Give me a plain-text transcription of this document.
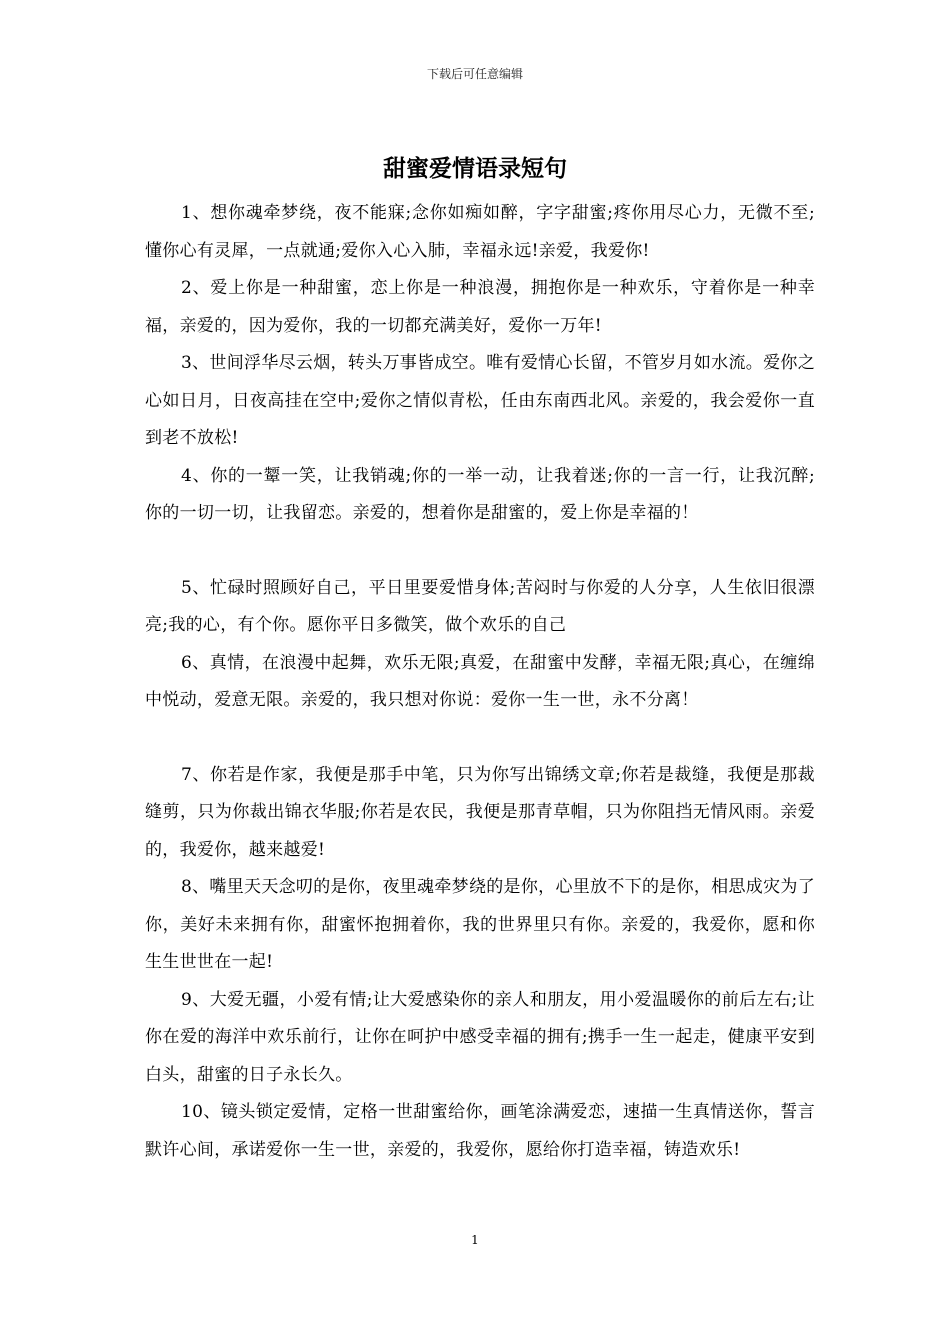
下载后可任意编辑
甜蜜爱情语录短句

1、想你魂牵梦绕，夜不能寐;念你如痴如醉，字字甜蜜;疼你用尽心力，无微不至;懂你心有灵犀，一点就通;爱你入心入肺，幸福永远!亲爱，我爱你!

2、爱上你是一种甜蜜，恋上你是一种浪漫，拥抱你是一种欢乐，守着你是一种幸福，亲爱的，因为爱你，我的一切都充满美好，爱你一万年!

3、世间浮华尽云烟，转头万事皆成空。唯有爱情心长留，不管岁月如水流。爱你之心如日月，日夜高挂在空中;爱你之情似青松，任由东南西北风。亲爱的，我会爱你一直到老不放松!

4、你的一颦一笑，让我销魂;你的一举一动，让我着迷;你的一言一行，让我沉醉;你的一切一切，让我留恋。亲爱的，想着你是甜蜜的，爱上你是幸福的！

5、忙碌时照顾好自己，平日里要爱惜身体;苦闷时与你爱的人分享，人生依旧很漂亮;我的心，有个你。愿你平日多微笑，做个欢乐的自己

6、真情，在浪漫中起舞，欢乐无限;真爱，在甜蜜中发酵，幸福无限;真心，在缠绵中悦动，爱意无限。亲爱的，我只想对你说：爱你一生一世，永不分离！

7、你若是作家，我便是那手中笔，只为你写出锦绣文章;你若是裁缝，我便是那裁缝剪，只为你裁出锦衣华服;你若是农民，我便是那青草帽，只为你阻挡无情风雨。亲爱的，我爱你，越来越爱!

8、嘴里天天念叨的是你，夜里魂牵梦绕的是你，心里放不下的是你，相思成灾为了你，美好未来拥有你，甜蜜怀抱拥着你，我的世界里只有你。亲爱的，我爱你，愿和你生生世世在一起!

9、大爱无疆，小爱有情;让大爱感染你的亲人和朋友，用小爱温暖你的前后左右;让你在爱的海洋中欢乐前行，让你在呵护中感受幸福的拥有;携手一生一起走，健康平安到白头，甜蜜的日子永长久。

10、镜头锁定爱情，定格一世甜蜜给你，画笔涂满爱恋，速描一生真情送你，誓言默许心间，承诺爱你一生一世，亲爱的，我爱你，愿给你打造幸福，铸造欢乐!

1
